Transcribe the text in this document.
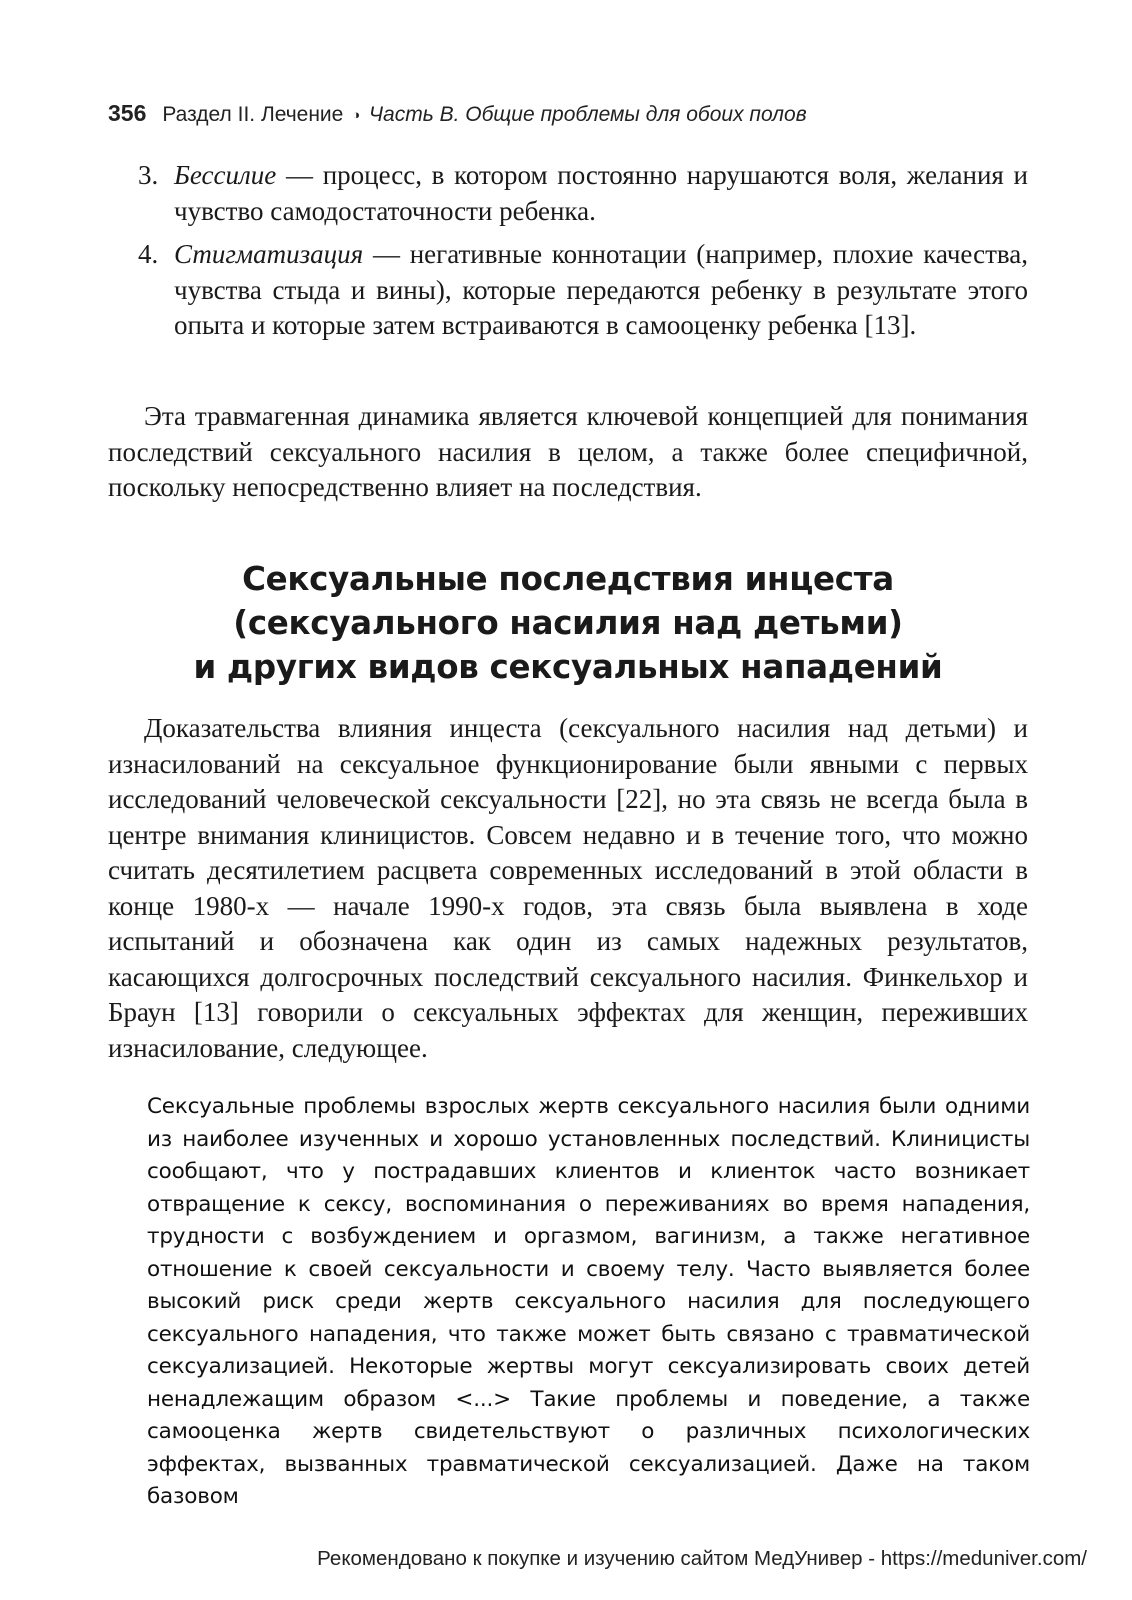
356 Раздел II. Лечение ◑ Часть B. Общие проблемы для обоих полов
3. Бессилие — процесс, в котором постоянно нарушаются воля, желания и чувство самодостаточности ребенка.
4. Стигматизация — негативные коннотации (например, плохие качества, чувства стыда и вины), которые передаются ребенку в результате этого опыта и которые затем встраиваются в самооценку ребенка [13].

Эта травмагенная динамика является ключевой концепцией для понимания последствий сексуального насилия в целом, а также более специфичной, поскольку непосредственно влияет на последствия.

Сексуальные последствия инцеста
(сексуального насилия над детьми)
и других видов сексуальных нападений

Доказательства влияния инцеста (сексуального насилия над детьми) и изнасилований на сексуальное функционирование были явными с первых исследований человеческой сексуальности [22], но эта связь не всегда была в центре внимания клиницистов. Совсем недавно и в течение того, что можно считать десятилетием расцвета современных исследований в этой области в конце 1980-х — начале 1990-х годов, эта связь была выявлена в ходе испытаний и обозначена как один из самых надежных результатов, касающихся долгосрочных последствий сексуального насилия. Финкельхор и Браун [13] говорили о сексуальных эффектах для женщин, переживших изнасилование, следующее.

Сексуальные проблемы взрослых жертв сексуального насилия были одними из наиболее изученных и хорошо установленных последствий. Клиницисты сообщают, что у пострадавших клиентов и клиенток часто возникает отвращение к сексу, воспоминания о переживаниях во время нападения, трудности с возбуждением и оргазмом, вагинизм, а также негативное отношение к своей сексуальности и своему телу. Часто выявляется более высокий риск среди жертв сексуального насилия для последующего сексуального нападения, что также может быть связано с травматической сексуализацией. Некоторые жертвы могут сексуализировать своих детей ненадлежащим образом <...> Такие проблемы и поведение, а также самооценка жертв свидетельствуют о различных психологических эффектах, вызванных травматической сексуализацией. Даже на таком базовом
Рекомендовано к покупке и изучению сайтом МедУнивер - https://meduniver.com/
